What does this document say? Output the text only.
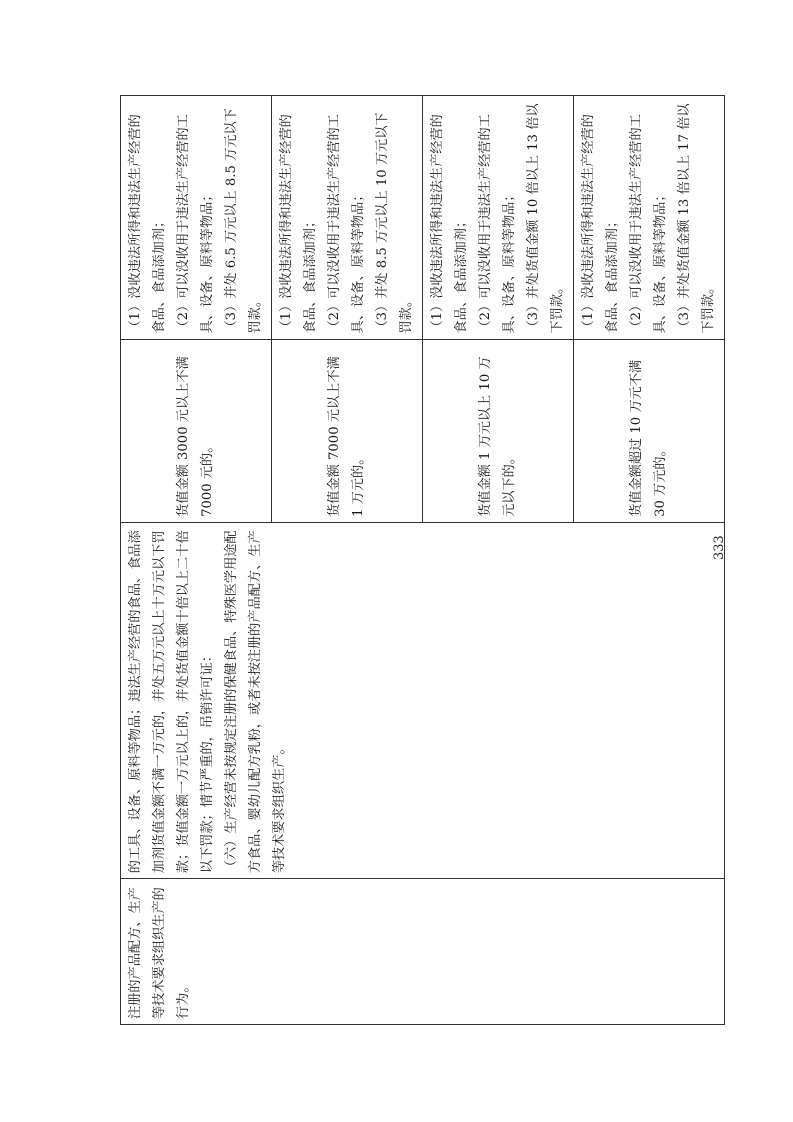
注册的产品配方、生产等技术要求组织生产的行为。	的工具、设备、原料等物品；违法生产经营的食品、食品添加剂货值金额不满一万元的，并处五万元以上十万元以下罚款；货值金额一万元以上的，并处货值金额十倍以上二十倍以下罚款；情节严重的，吊销许可证： （六）生产经营未按规定注册的保健食品、特殊医学用途配方食品、婴幼儿配方乳粉，或者未按注册的产品配方、生产等技术要求组织生产。	货值金额 3000 元以上不满 7000 元的。	（1）没收违法所得和违法生产经营的食品、食品添加剂； （2）可以没收用于违法生产经营的工具、设备、原料等物品； （3）并处 6.5 万元以上 8.5 万元以下罚款。

		货值金额 7000 元以上不满 1 万元的。	（1）没收违法所得和违法生产经营的食品、食品添加剂； （2）可以没收用于违法生产经营的工具、设备、原料等物品； （3）并处 8.5 万元以上 10 万元以下罚款。

		货值金额 1 万元以上 10 万元以下的。	（1）没收违法所得和违法生产经营的食品、食品添加剂； （2）可以没收用于违法生产经营的工具、设备、原料等物品； （3）并处货值金额 10 倍以上 13 倍以下罚款。

		货值金额超过 10 万元不满 30 万元的。	（1）没收违法所得和违法生产经营的食品、食品添加剂； （2）可以没收用于违法生产经营的工具、设备、原料等物品； （3）并处货值金额 13 倍以上 17 倍以下罚款。
333
